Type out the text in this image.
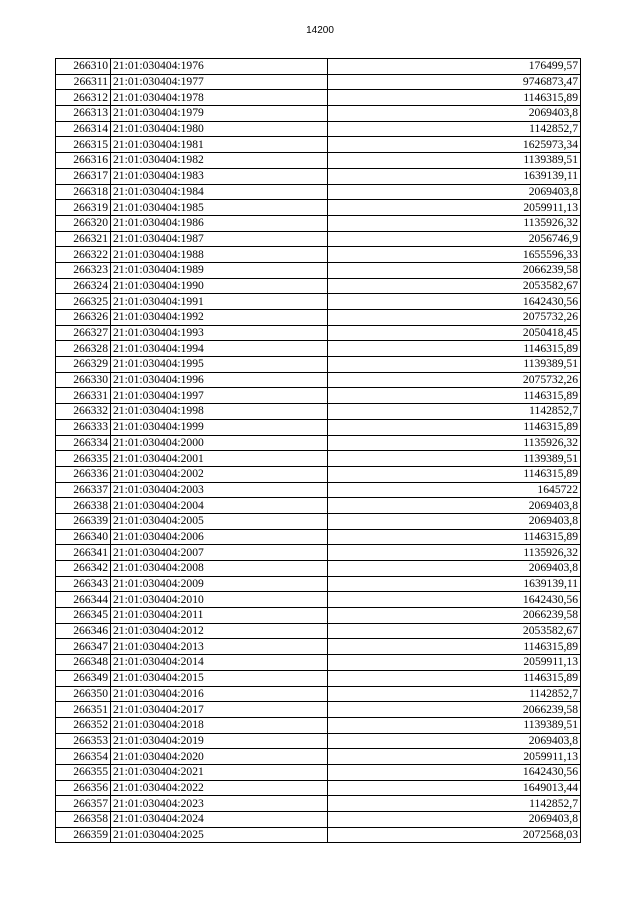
14200
266310	21:01:030404:1976	176499,57
266311	21:01:030404:1977	9746873,47
266312	21:01:030404:1978	1146315,89
266313	21:01:030404:1979	2069403,8
266314	21:01:030404:1980	1142852,7
266315	21:01:030404:1981	1625973,34
266316	21:01:030404:1982	1139389,51
266317	21:01:030404:1983	1639139,11
266318	21:01:030404:1984	2069403,8
266319	21:01:030404:1985	2059911,13
266320	21:01:030404:1986	1135926,32
266321	21:01:030404:1987	2056746,9
266322	21:01:030404:1988	1655596,33
266323	21:01:030404:1989	2066239,58
266324	21:01:030404:1990	2053582,67
266325	21:01:030404:1991	1642430,56
266326	21:01:030404:1992	2075732,26
266327	21:01:030404:1993	2050418,45
266328	21:01:030404:1994	1146315,89
266329	21:01:030404:1995	1139389,51
266330	21:01:030404:1996	2075732,26
266331	21:01:030404:1997	1146315,89
266332	21:01:030404:1998	1142852,7
266333	21:01:030404:1999	1146315,89
266334	21:01:030404:2000	1135926,32
266335	21:01:030404:2001	1139389,51
266336	21:01:030404:2002	1146315,89
266337	21:01:030404:2003	1645722
266338	21:01:030404:2004	2069403,8
266339	21:01:030404:2005	2069403,8
266340	21:01:030404:2006	1146315,89
266341	21:01:030404:2007	1135926,32
266342	21:01:030404:2008	2069403,8
266343	21:01:030404:2009	1639139,11
266344	21:01:030404:2010	1642430,56
266345	21:01:030404:2011	2066239,58
266346	21:01:030404:2012	2053582,67
266347	21:01:030404:2013	1146315,89
266348	21:01:030404:2014	2059911,13
266349	21:01:030404:2015	1146315,89
266350	21:01:030404:2016	1142852,7
266351	21:01:030404:2017	2066239,58
266352	21:01:030404:2018	1139389,51
266353	21:01:030404:2019	2069403,8
266354	21:01:030404:2020	2059911,13
266355	21:01:030404:2021	1642430,56
266356	21:01:030404:2022	1649013,44
266357	21:01:030404:2023	1142852,7
266358	21:01:030404:2024	2069403,8
266359	21:01:030404:2025	2072568,03
